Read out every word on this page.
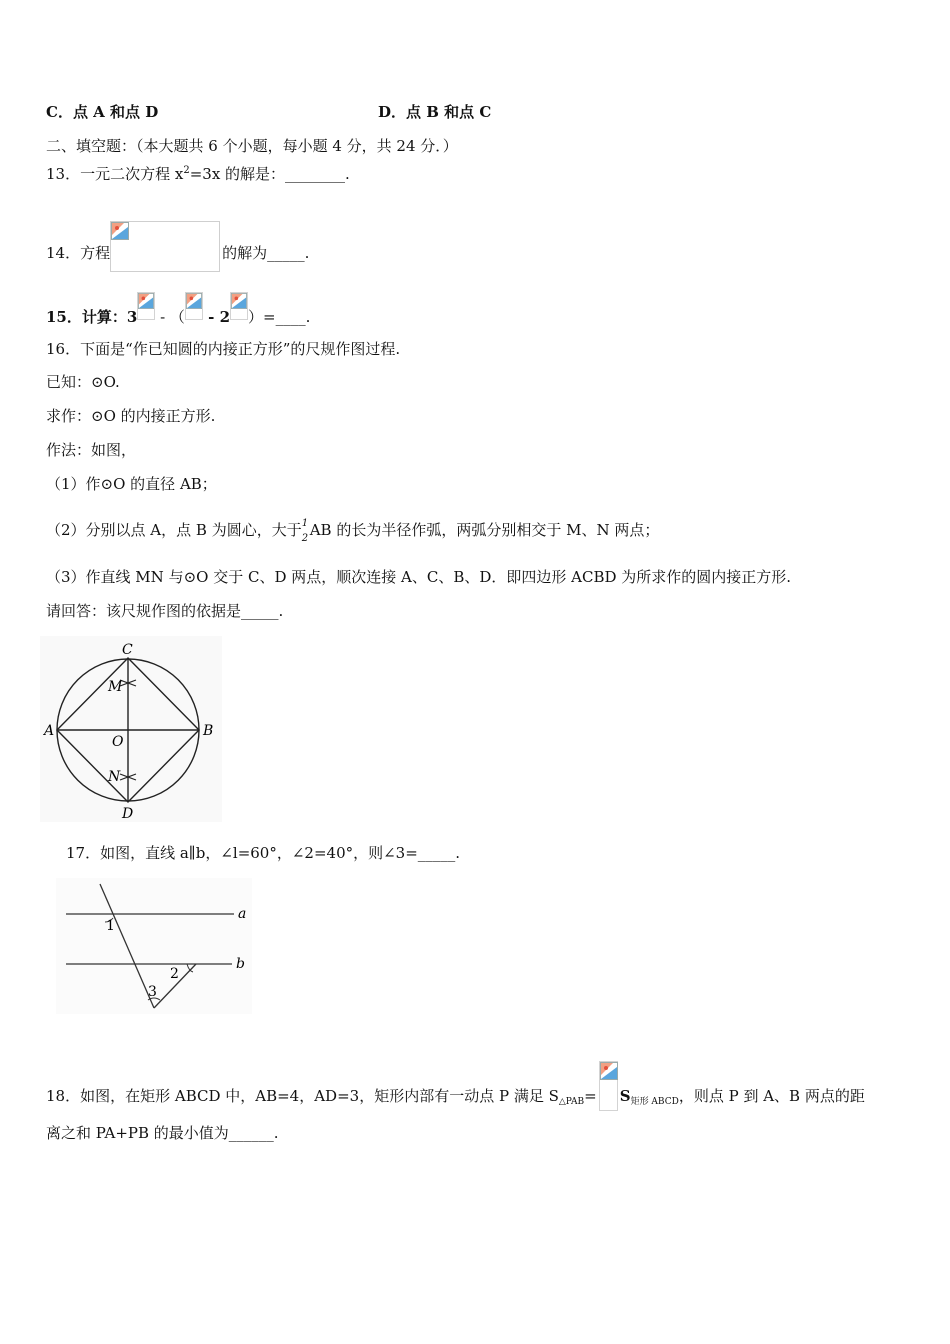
C．点 A 和点 D	D．点 B 和点 C
二、填空题：（本大题共 6 个小题，每小题 4 分，共 24 分．）
13．一元二次方程 $x^2=3x$ 的解是：________.
14．方程	的解为_____.
15．计算：3
- （
- 2 ）=____.
16．下面是“作已知圆的内接正方形”的尺规作图过程.
已知：⊙O.
求作：⊙O 的内接正方形.
作法：如图，
（1）作⊙O 的直径 AB；
（2）分别以点 A，点 B 为圆心，大于 1
2 AB 的长为半径作弧，两弧分别相交于 M、N 两点；
（3）作直线 MN 与⊙O 交于 C、D 两点，顺次连接 A、C、B、D．即四边形 ACBD 为所求作的圆内接正方形.
请回答：该尺规作图的依据是_____.
C
M
A
O
B
N
D
17．如图，直线 a∥b，∠l=60°，∠2=40°，则∠3=_____.
a
b
1
2
3
18．如图，在矩形 ABCD 中，AB=4，AD=3，矩形内部有一动点 P 满足 $S_{\triangle PAB}= S_{矩形 ABCD}$，则点 P 到 A、B 两点的距
离之和 PA+PB 的最小值为______.
